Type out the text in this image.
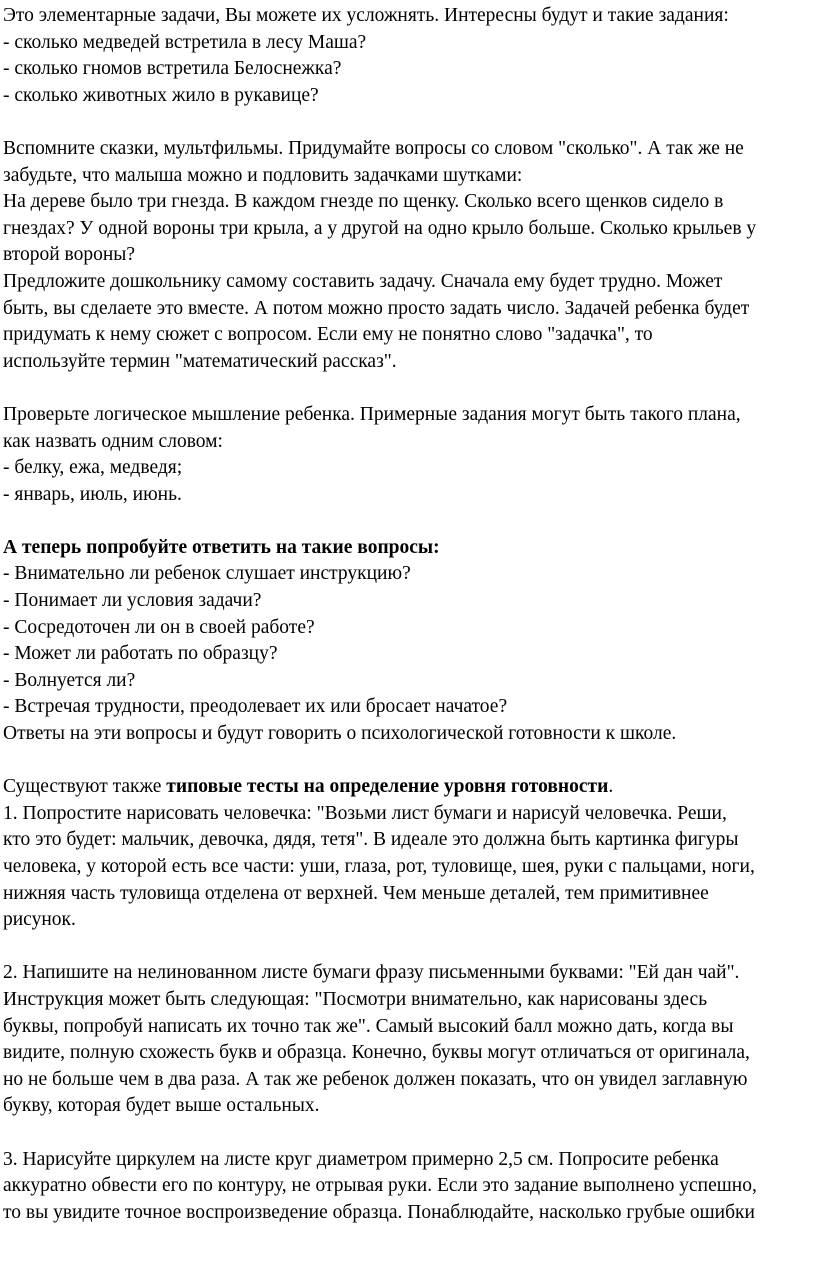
Это элементарные задачи, Вы можете их усложнять. Интересны будут и такие задания:
- сколько медведей встретила в лесу Маша?
- сколько гномов встретила Белоснежка?
- сколько животных жило в рукавице?
Вспомните сказки, мультфильмы. Придумайте вопросы со словом "сколько". А так же не
забудьте, что малыша можно и подловить задачками шутками:
На дереве было три гнезда. В каждом гнезде по щенку. Сколько всего щенков сидело в
гнездах? У одной вороны три крыла, а у другой на одно крыло больше. Сколько крыльев у
второй вороны?
Предложите дошкольнику самому составить задачу. Сначала ему будет трудно. Может
быть, вы сделаете это вместе. А потом можно просто задать число. Задачей ребенка будет
придумать к нему сюжет с вопросом. Если ему не понятно слово "задачка", то
используйте термин "математический рассказ".
Проверьте логическое мышление ребенка. Примерные задания могут быть такого плана,
как назвать одним словом:
- белку, ежа, медведя;
- январь, июль, июнь.
А теперь попробуйте ответить на такие вопросы:
- Внимательно ли ребенок слушает инструкцию?
- Понимает ли условия задачи?
- Сосредоточен ли он в своей работе?
- Может ли работать по образцу?
- Волнуется ли?
- Встречая трудности, преодолевает их или бросает начатое?
Ответы на эти вопросы и будут говорить о психологической готовности к школе.
Существуют также типовые тесты на определение уровня готовности.
1. Попростите нарисовать человечка: "Возьми лист бумаги и нарисуй человечка. Реши,
кто это будет: мальчик, девочка, дядя, тетя". В идеале это должна быть картинка фигуры
человека, у которой есть все части: уши, глаза, рот, туловище, шея, руки с пальцами, ноги,
нижняя часть туловища отделена от верхней. Чем меньше деталей, тем примитивнее
рисунок.
2. Напишите на нелинованном листе бумаги фразу письменными буквами: "Ей дан чай".
Инструкция может быть следующая: "Посмотри внимательно, как нарисованы здесь
буквы, попробуй написать их точно так же". Самый высокий балл можно дать, когда вы
видите, полную схожесть букв и образца. Конечно, буквы могут отличаться от оригинала,
но не больше чем в два раза. А так же ребенок должен показать, что он увидел заглавную
букву, которая будет выше остальных.
3. Нарисуйте циркулем на листе круг диаметром примерно 2,5 см. Попросите ребенка
аккуратно обвести его по контуру, не отрывая руки. Если это задание выполнено успешно,
то вы увидите точное воспроизведение образца. Понаблюдайте, насколько грубые ошибки
